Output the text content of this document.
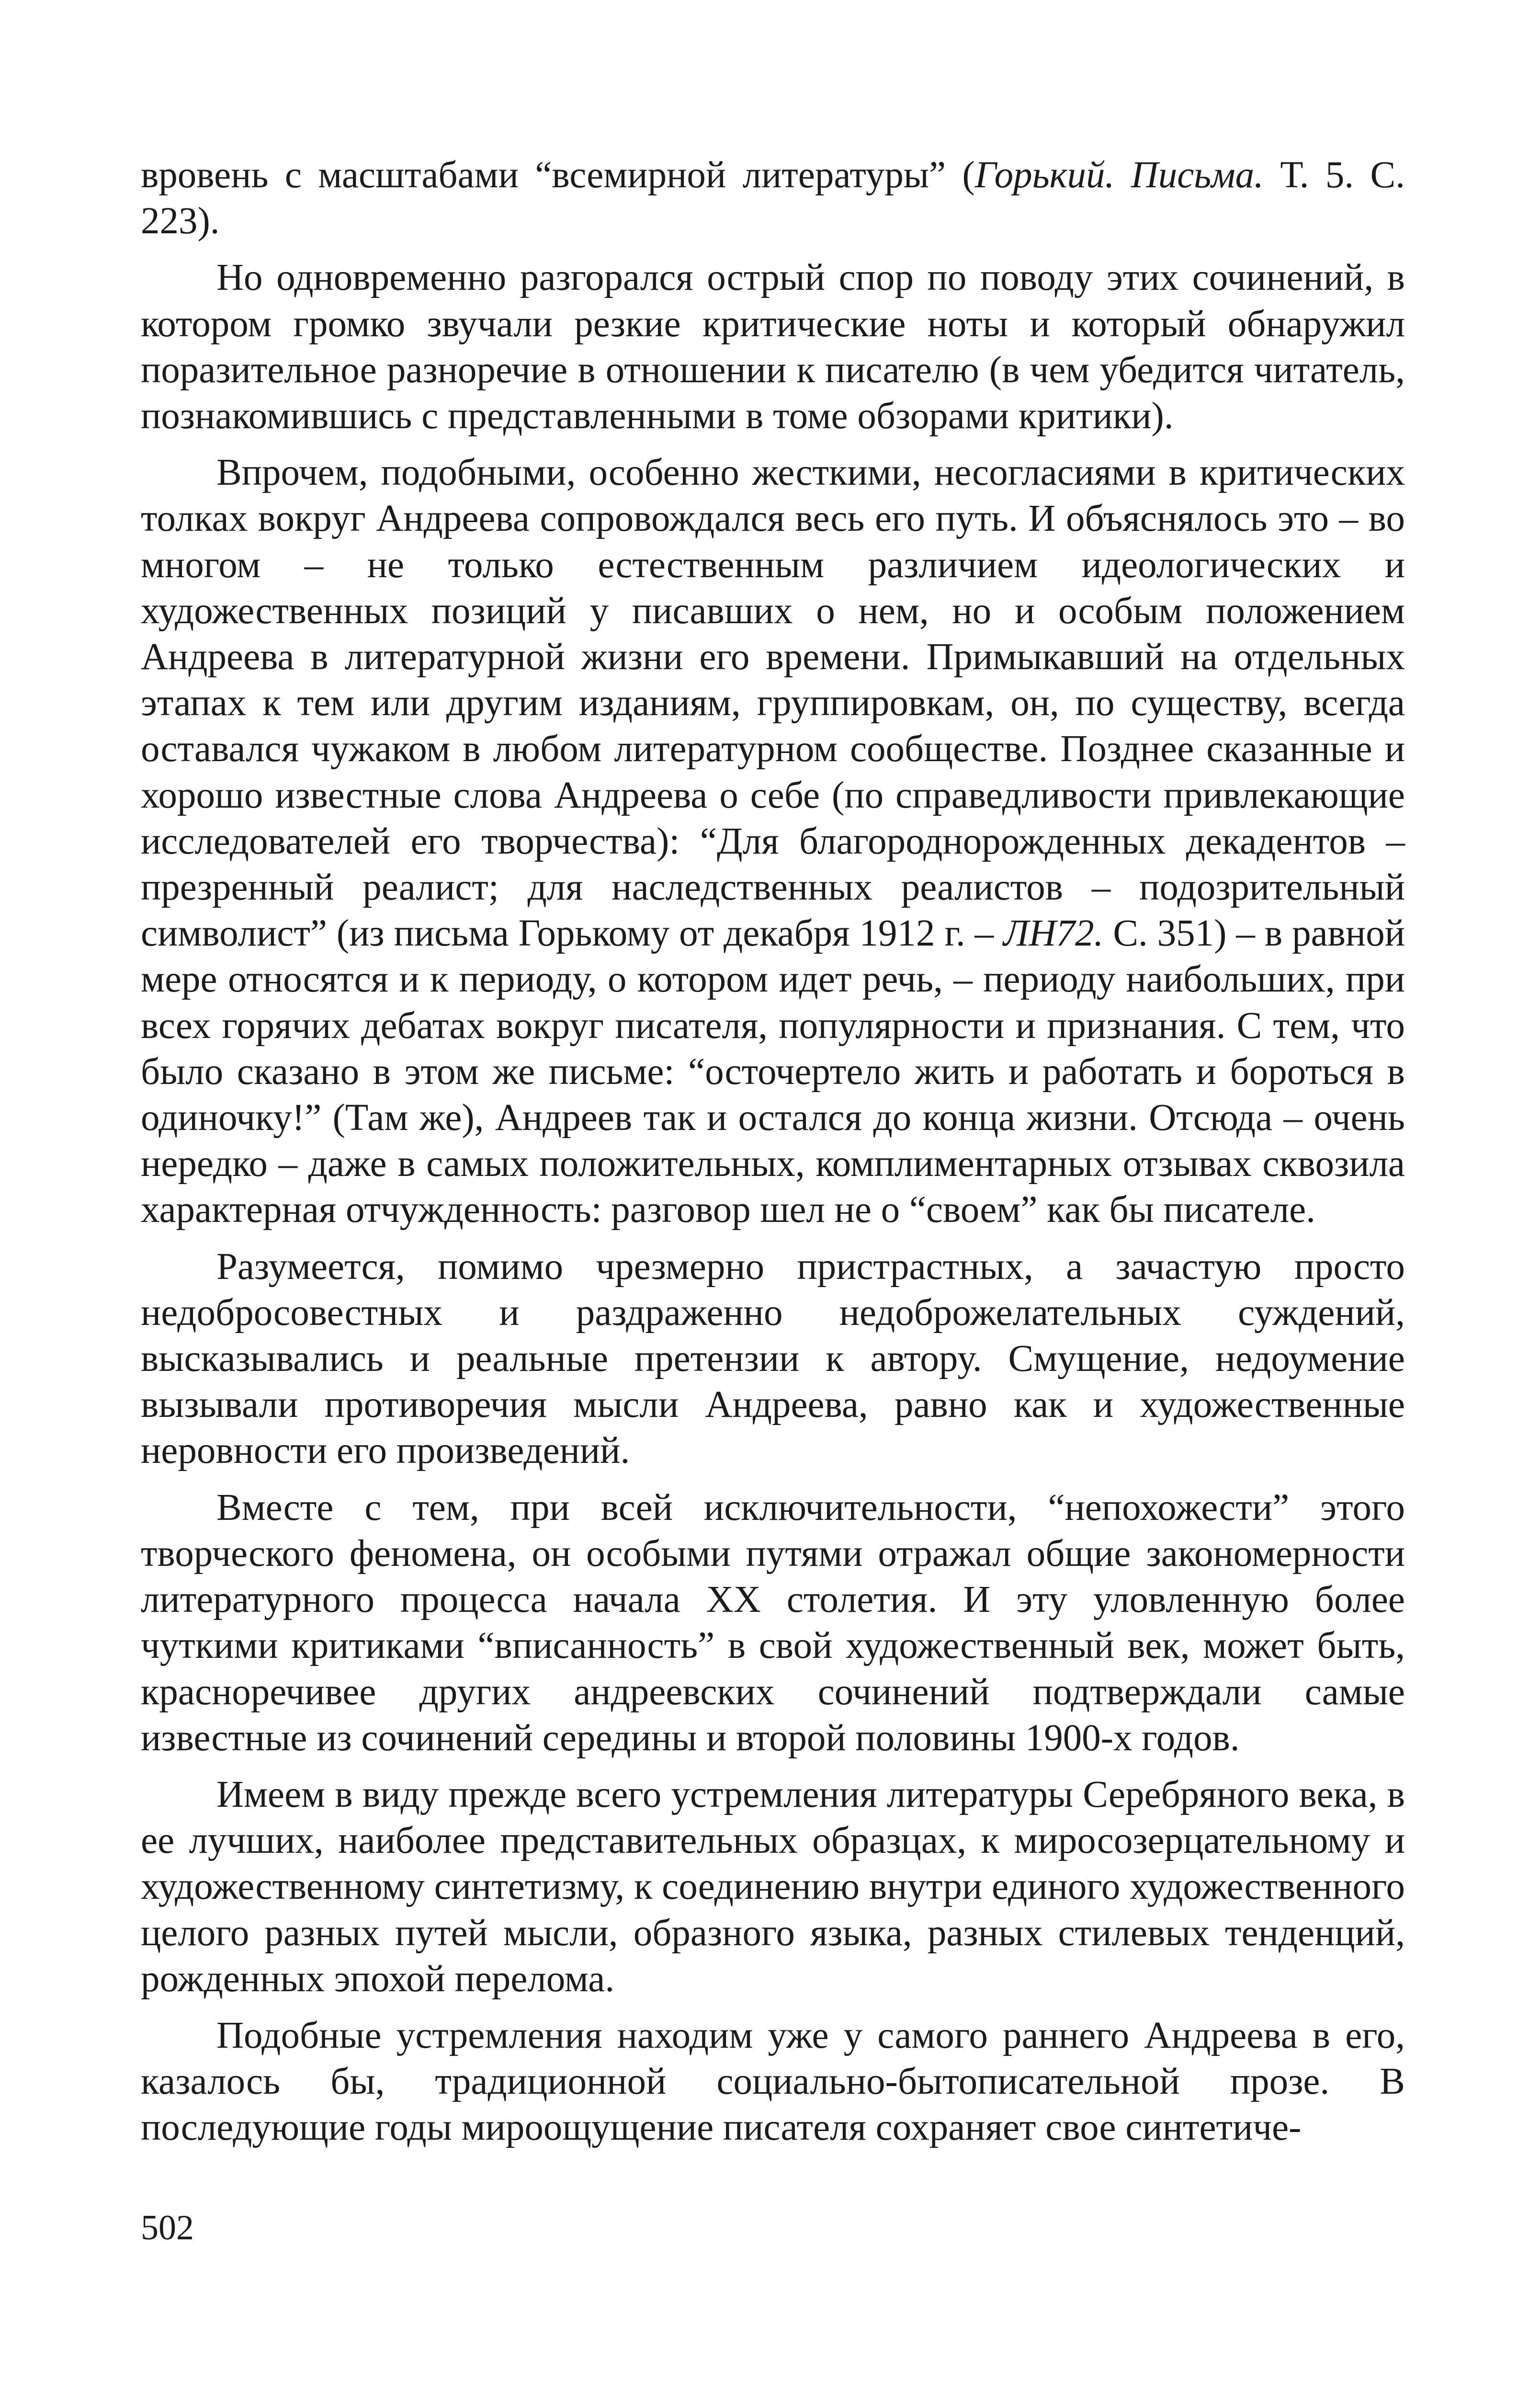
вровень с масштабами “всемирной литературы” (Горький. Письма. Т. 5. С. 223).

Но одновременно разгорался острый спор по поводу этих сочинений, в котором громко звучали резкие критические ноты и который обнаружил поразительное разноречие в отношении к писателю (в чем убедится читатель, познакомившись с представленными в томе обзорами критики).

Впрочем, подобными, особенно жесткими, несогласиями в критических толках вокруг Андреева сопровождался весь его путь. И объяснялось это – во многом – не только естественным различием идеологических и художественных позиций у писавших о нем, но и особым положением Андреева в литературной жизни его времени. Примыкавший на отдельных этапах к тем или другим изданиям, группировкам, он, по существу, всегда оставался чужаком в любом литературном сообществе. Позднее сказанные и хорошо известные слова Андреева о себе (по справедливости привлекающие исследователей его творчества): “Для благороднорожденных декадентов – презренный реалист; для наследственных реалистов – подозрительный символист” (из письма Горькому от декабря 1912 г. – ЛН72. С. 351) – в равной мере относятся и к периоду, о котором идет речь, – периоду наибольших, при всех горячих дебатах вокруг писателя, популярности и признания. С тем, что было сказано в этом же письме: “осточертело жить и работать и бороться в одиночку!” (Там же), Андреев так и остался до конца жизни. Отсюда – очень нередко – даже в самых положительных, комплиментарных отзывах сквозила характерная отчужденность: разговор шел не о “своем” как бы писателе.

Разумеется, помимо чрезмерно пристрастных, а зачастую просто недобросовестных и раздраженно недоброжелательных суждений, высказывались и реальные претензии к автору. Смущение, недоумение вызывали противоречия мысли Андреева, равно как и художественные неровности его произведений.

Вместе с тем, при всей исключительности, “непохожести” этого творческого феномена, он особыми путями отражал общие закономерности литературного процесса начала XX столетия. И эту уловленную более чуткими критиками “вписанность” в свой художественный век, может быть, красноречивее других андреевских сочинений подтверждали самые известные из сочинений середины и второй половины 1900-х годов.

Имеем в виду прежде всего устремления литературы Серебряного века, в ее лучших, наиболее представительных образцах, к миросозерцательному и художественному синтетизму, к соединению внутри единого художественного целого разных путей мысли, образного языка, разных стилевых тенденций, рожденных эпохой перелома.

Подобные устремления находим уже у самого раннего Андреева в его, казалось бы, традиционной социально-бытописательной прозе. В последующие годы мироощущение писателя сохраняет свое синтетиче-

502
